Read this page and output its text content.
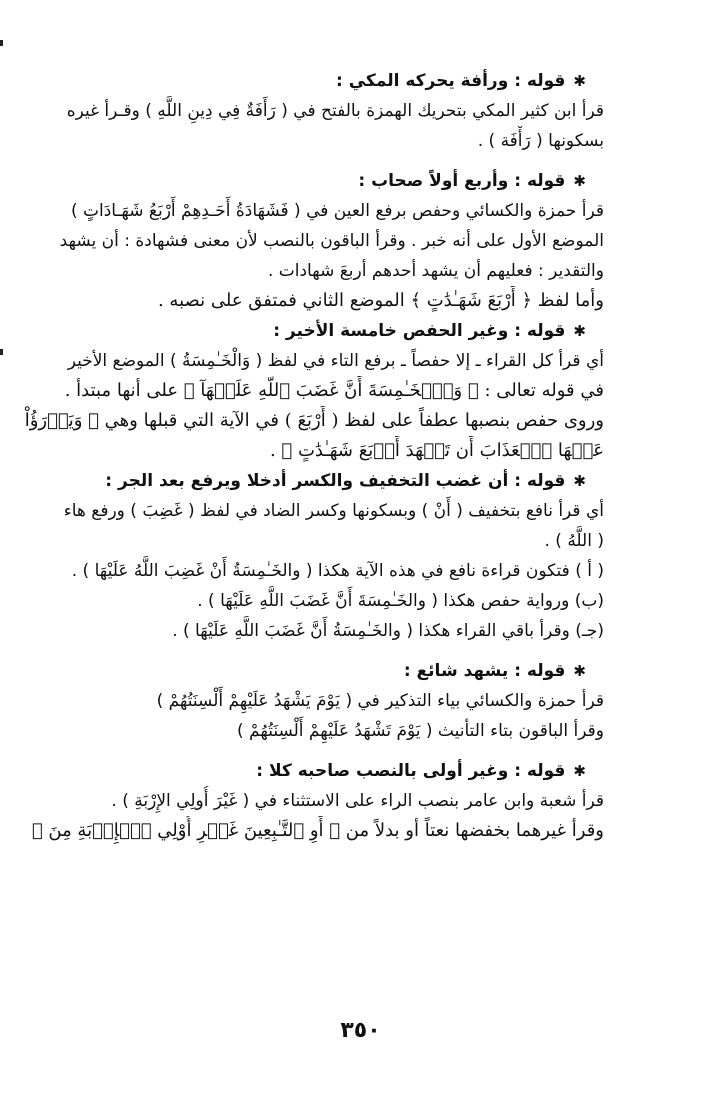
✱قوله : ورأفة يحركه المكي :
قرأ ابن كثير المكي بتحريك الهمزة بالفتح في ( رَأَفَةٌ فِي دِينِ اللَّهِ ) وقـرأ غيره
بسكونها ( رَأْفَة ) .
✱قوله : وأربع أولاً صحاب :
قرأ حمزة والكسائي وحفص برفع العين في ( فَشَهَادَةُ أَحَـدِهِمْ أَرْبَعُ شَهَـادَاتٍ )
الموضع الأول على أنه خبر . وقرأ الباقون بالنصب لأن معنى فشهادة : أن يشهد
والتقدير : فعليهم أن يشهد أحدهم أربعَ شهادات .
وأما لفظ ﴿ أَرْبَعَ شَهَـٰدَٰتٍ ﴾ الموضع الثاني فمتفق على نصبه .
✱قوله : وغير الحفص خامسة الأخير :
أي قرأ كل القراء ـ إلا حفصاً ـ برفع التاء في لفظ ( وَالْخَـٰمِسَةُ ) الموضع الأخير
في قوله تعالى : ﴿ وَٱلۡخَـٰمِسَةَ أَنَّ غَضَبَ ٱللَّهِ عَلَيۡهَآ ﴾ على أنها مبتدأ .
وروى حفص بنصبها عطفاً على لفظ ( أَرْبَعَ ) في الآية التي قبلها وهي ﴿ وَيَدۡرَؤُاْ
عَنۡهَا ٱلۡعَذَابَ أَن تَشۡهَدَ أَرۡبَعَ شَهَـٰدَٰتٍ ﴾ .
✱قوله : أن غضب التخفيف والكسر أدخلا ويرفع بعد الجر :
أي قرأ نافع بتخفيف ( أَنْ ) وبسكونها وكسر الضاد في لفظ ( غَضِبَ ) ورفع هاء
( اللَّهُ ) .
( أ ) فتكون قراءة نافع في هذه الآية هكذا ( والخَـٰمِسَةُ أَنْ غَضِبَ اللَّهُ عَلَيْهَا ) .
(ب) ورواية حفص هكذا ( والخَـٰمِسَةَ أَنَّ غَضَبَ اللَّهِ عَلَيْهَا ) .
(جـ) وقرأ باقي القراء هكذا ( والخَـٰمِسَةُ أَنَّ غَضَبَ اللَّهِ عَلَيْهَا ) .
✱قوله : يشهد شائع :
قرأ حمزة والكسائي بياء التذكير في ( يَوْمَ يَشْهَدُ عَلَيْهِمْ أَلْسِنَتُهُمْ )
وقرأ الباقون بتاء التأنيث ( يَوْمَ تَشْهَدُ عَلَيْهِمْ أَلْسِنَتُهُمْ )
✱قوله : وغير أولى بالنصب صاحبه كلا :
قرأ شعبة وابن عامر بنصب الراء على الاستثناء في ( غَيْرَ أُولِي الإِرْبَةِ ) .
وقرأ غيرهما بخفضها نعتاً أو بدلاً من ﴿ أَوِ ٱلتَّـٰبِعِينَ غَيۡرِ أُوْلِي ٱلۡإِرۡبَةِ مِنَ ﴾
٣٥٠
